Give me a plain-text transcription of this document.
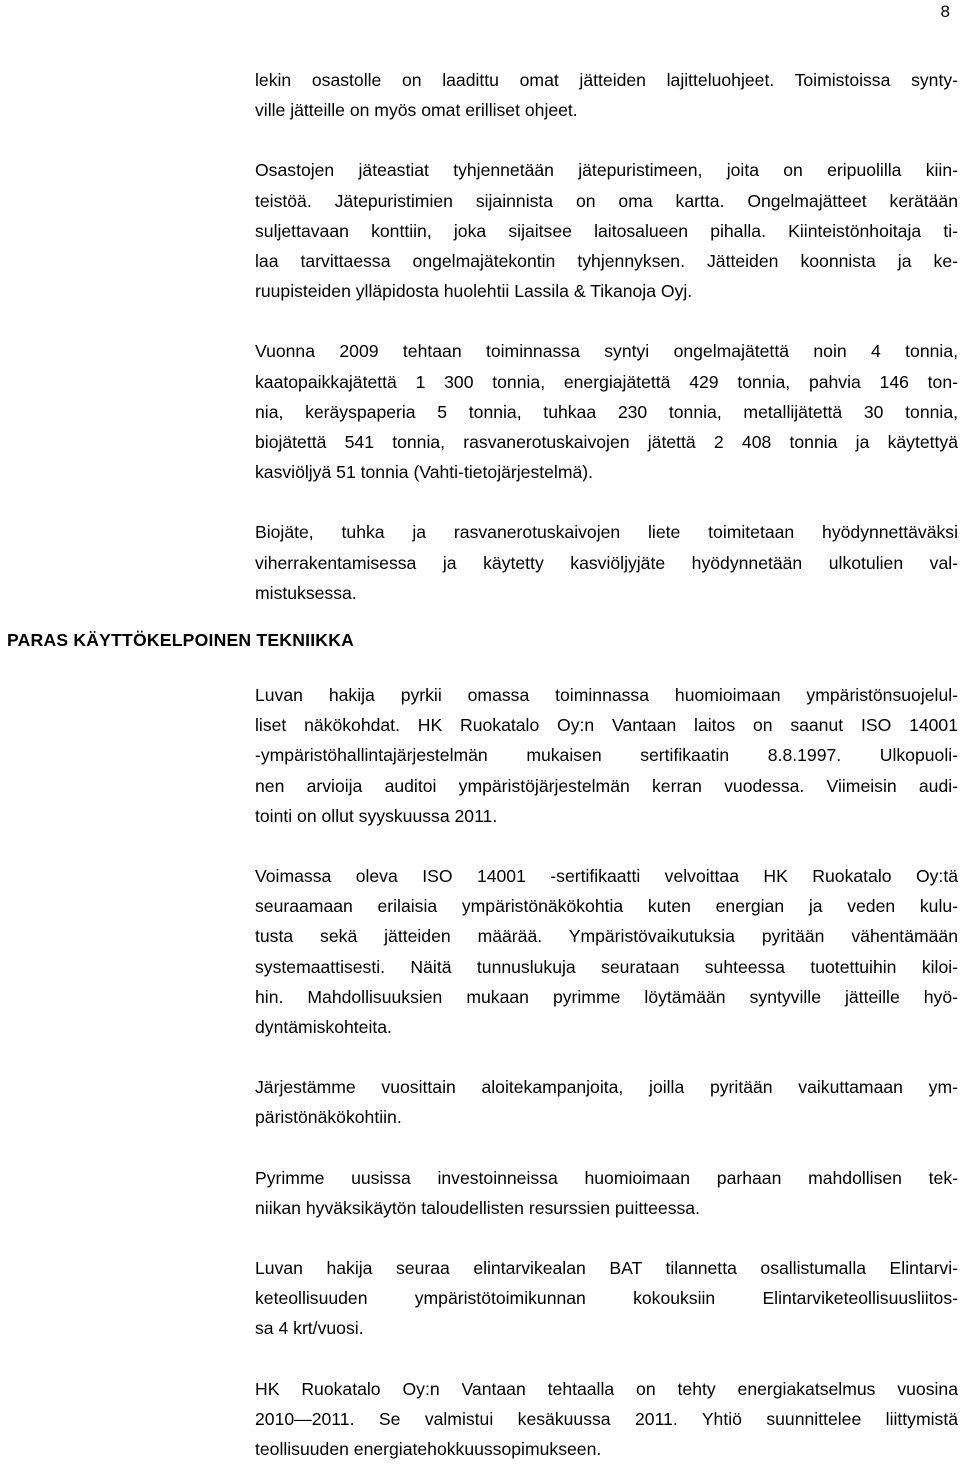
8

lekin osastolle on laadittu omat jätteiden lajitteluohjeet. Toimistoissa synty-
ville jätteille on myös omat erilliset ohjeet.

Osastojen jäteastiat tyhjennetään jätepuristimeen, joita on eripuolilla kiin-
teistöä. Jätepuristimien sijainnista on oma kartta. Ongelmajätteet kerätään
suljettavaan konttiin, joka sijaitsee laitosalueen pihalla. Kiinteistönhoitaja ti-
laa tarvittaessa ongelmajätekontin tyhjennyksen. Jätteiden koonnista ja ke-
ruupisteiden ylläpidosta huolehtii Lassila & Tikanoja Oyj.

Vuonna 2009 tehtaan toiminnassa syntyi ongelmajätettä noin 4 tonnia,
kaatopaikkajätettä 1 300 tonnia, energiajätettä 429 tonnia, pahvia 146 ton-
nia, keräyspaperia 5 tonnia, tuhkaa 230 tonnia, metallijätettä 30 tonnia,
biojätettä 541 tonnia, rasvanerotuskaivojen jätettä 2 408 tonnia ja käytettyä
kasviöljyä 51 tonnia (Vahti-tietojärjestelmä).

Biojäte, tuhka ja rasvanerotuskaivojen liete toimitetaan hyödynnettäväksi
viherrakentamisessa ja käytetty kasviöljyjäte hyödynnetään ulkotulien val-
mistuksessa.

PARAS KÄYTTÖKELPOINEN TEKNIIKKA

Luvan hakija pyrkii omassa toiminnassa huomioimaan ympäristönsuojelul-
liset näkökohdat. HK Ruokatalo Oy:n Vantaan laitos on saanut ISO 14001
-ympäristöhallintajärjestelmän mukaisen sertifikaatin 8.8.1997. Ulkopuoli-
nen arvioija auditoi ympäristöjärjestelmän kerran vuodessa. Viimeisin audi-
tointi on ollut syyskuussa 2011.

Voimassa oleva ISO 14001 -sertifikaatti velvoittaa HK Ruokatalo Oy:tä
seuraamaan erilaisia ympäristönäkökohtia kuten energian ja veden kulu-
tusta sekä jätteiden määrää. Ympäristövaikutuksia pyritään vähentämään
systemaattisesti. Näitä tunnuslukuja seurataan suhteessa tuotettuihin kiloi-
hin. Mahdollisuuksien mukaan pyrimme löytämään syntyville jätteille hyö-
dyntämiskohteita.

Järjestämme vuosittain aloitekampanjoita, joilla pyritään vaikuttamaan ym-
päristönäkökohtiin.

Pyrimme uusissa investoinneissa huomioimaan parhaan mahdollisen tek-
niikan hyväksikäytön taloudellisten resurssien puitteessa.

Luvan hakija seuraa elintarvikealan BAT tilannetta osallistumalla Elintarvi-
keteollisuuden ympäristötoimikunnan kokouksiin Elintarviketeollisuusliitos-
sa 4 krt/vuosi.

HK Ruokatalo Oy:n Vantaan tehtaalla on tehty energiakatselmus vuosina
2010—2011. Se valmistui kesäkuussa 2011. Yhtiö suunnittelee liittymistä
teollisuuden energiatehokkuussopimukseen.
